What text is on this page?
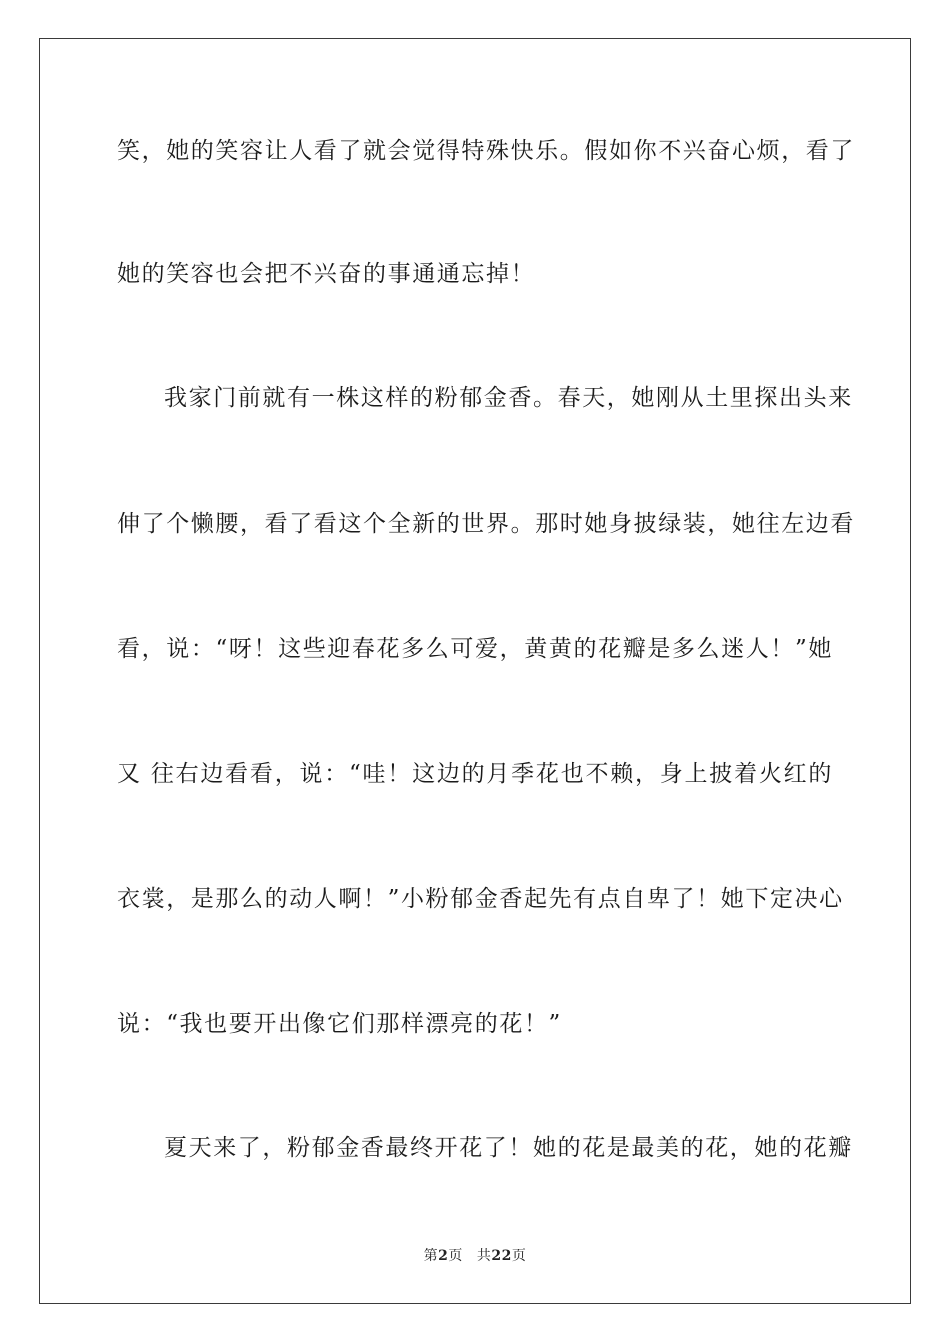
笑，她的笑容让人看了就会觉得特殊快乐。假如你不兴奋心烦，看了
她的笑容也会把不兴奋的事通通忘掉！
我家门前就有一株这样的粉郁金香。春天，她刚从土里探出头来
伸了个懒腰，看了看这个全新的世界。那时她身披绿装，她往左边看
看，说：“呀！这些迎春花多么可爱，黄黄的花瓣是多么迷人！”她
又 往右边看看，说：“哇！这边的月季花也不赖，身上披着火红的
衣裳，是那么的动人啊！”小粉郁金香起先有点自卑了！她下定决心
说：“我也要开出像它们那样漂亮的花！”
夏天来了，粉郁金香最终开花了！她的花是最美的花，她的花瓣
第2页 共22页
